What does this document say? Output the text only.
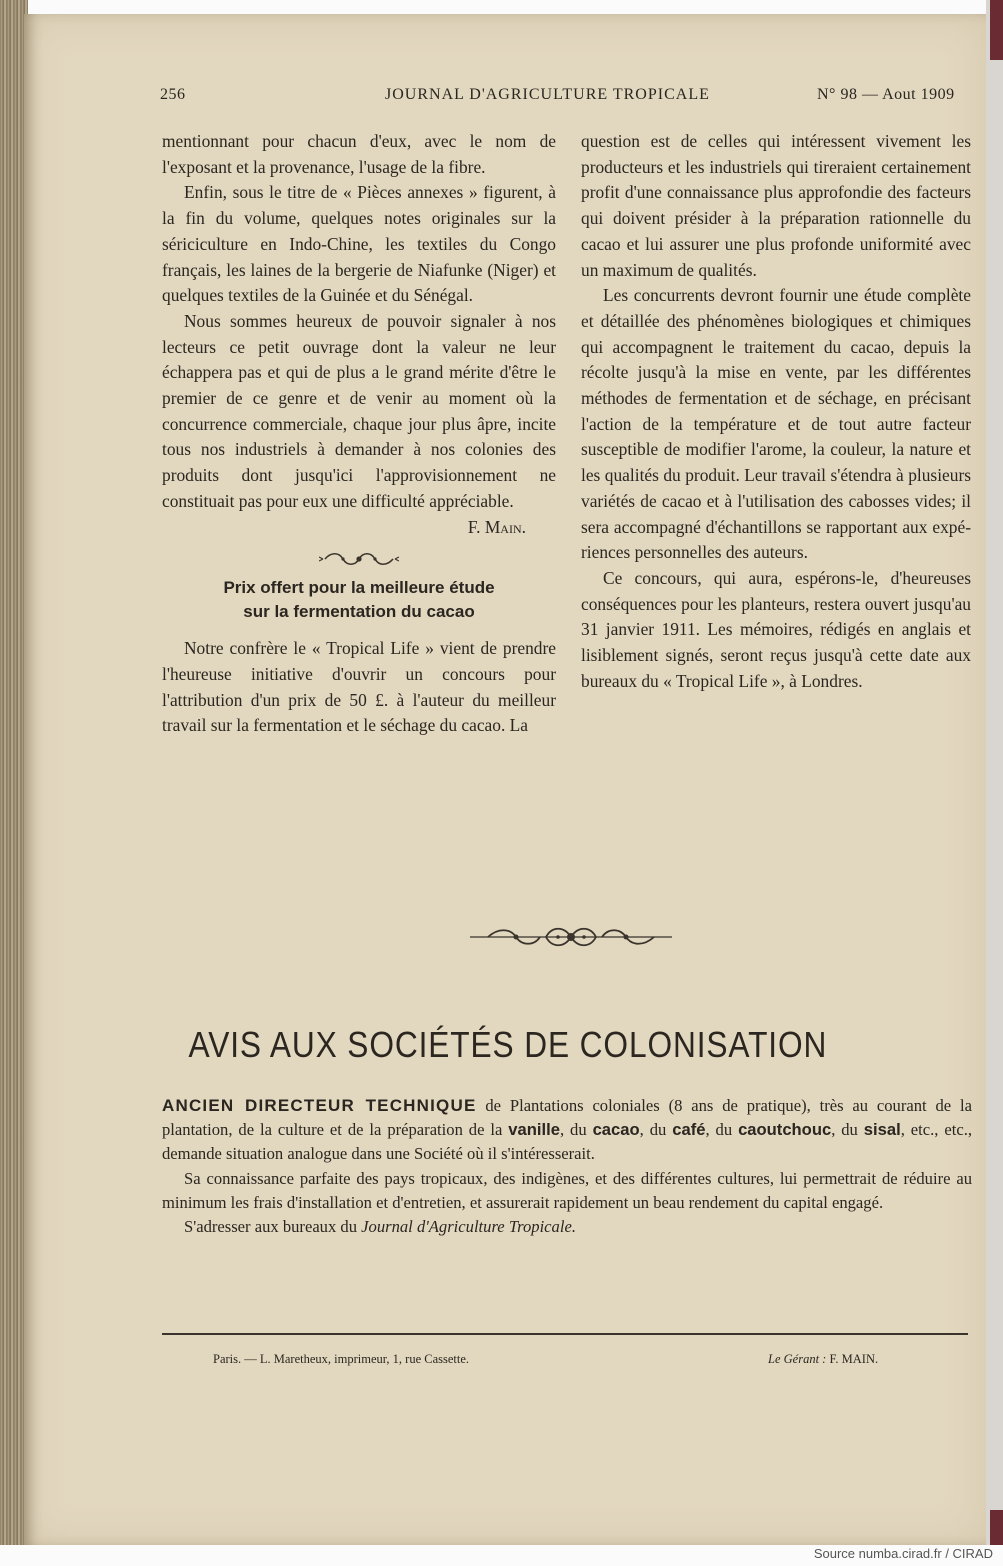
Source numba.cirad.fr / CIRAD
256	JOURNAL D'AGRICULTURE TROPICALE	N° 98 — Aout 1909

mentionnant pour chacun d'eux, avec le nom de l'exposant et la provenance, l'usage de la fibre.

Enfin, sous le titre de « Pièces annexes » figurent, à la fin du volume, quelques notes originales sur la sériciculture en Indo-Chine, les textiles du Congo français, les laines de la bergerie de Niafunke (Niger) et quelques textiles de la Guinée et du Sénégal.

Nous sommes heureux de pouvoir signaler à nos lecteurs ce petit ouvrage dont la valeur ne leur échappera pas et qui de plus a le grand mérite d'être le premier de ce genre et de venir au moment où la concurrence commerciale, chaque jour plus âpre, incite tous nos industriels à demander à nos colonies des produits dont jusqu'ici l'approvisionnement ne constituait pas pour eux une difficulté appréciable.

F. Main.

Prix offert pour la meilleure étude
sur la fermentation du cacao

Notre confrère le « Tropical Life » vient de prendre l'heureuse initiative d'ouvrir un concours pour l'attribution d'un prix de 50 £. à l'auteur du meilleur travail sur la fermentation et le séchage du cacao. La

question est de celles qui intéressent vivement les producteurs et les industriels qui tireraient certainement profit d'une connaissance plus approfondie des facteurs qui doivent présider à la préparation rationnelle du cacao et lui assurer une plus profonde uniformité avec un maximum de qualités.

Les concurrents devront fournir une étude complète et détaillée des phénomènes biologiques et chimiques qui accompagnent le traitement du cacao, depuis la récolte jusqu'à la mise en vente, par les différentes méthodes de fermentation et de séchage, en précisant l'action de la température et de tout autre facteur susceptible de modifier l'arome, la couleur, la nature et les qualités du produit. Leur travail s'étendra à plusieurs variétés de cacao et à l'utilisation des cabosses vides; il sera accompagné d'échantillons se rapportant aux expériences personnelles des auteurs.

Ce concours, qui aura, espérons-le, d'heureuses conséquences pour les planteurs, restera ouvert jusqu'au 31 janvier 1911. Les mémoires, rédigés en anglais et lisiblement signés, seront reçus jusqu'à cette date aux bureaux du « Tropical Life », à Londres.

AVIS AUX SOCIÉTÉS DE COLONISATION

ANCIEN DIRECTEUR TECHNIQUE de Plantations coloniales (8 ans de pratique), très au courant de la plantation, de la culture et de la préparation de la vanille, du cacao, du café, du caoutchouc, du sisal, etc., etc., demande situation analogue dans une Société où il s'intéresserait.

Sa connaissance parfaite des pays tropicaux, des indigènes, et des différentes cultures, lui permettrait de réduire au minimum les frais d'installation et d'entretien, et assurerait rapidement un beau rendement du capital engagé.

S'adresser aux bureaux du Journal d'Agriculture Tropicale.

Paris. — L. Maretheux, imprimeur, 1, rue Cassette.	Le Gérant : F. MAIN.
